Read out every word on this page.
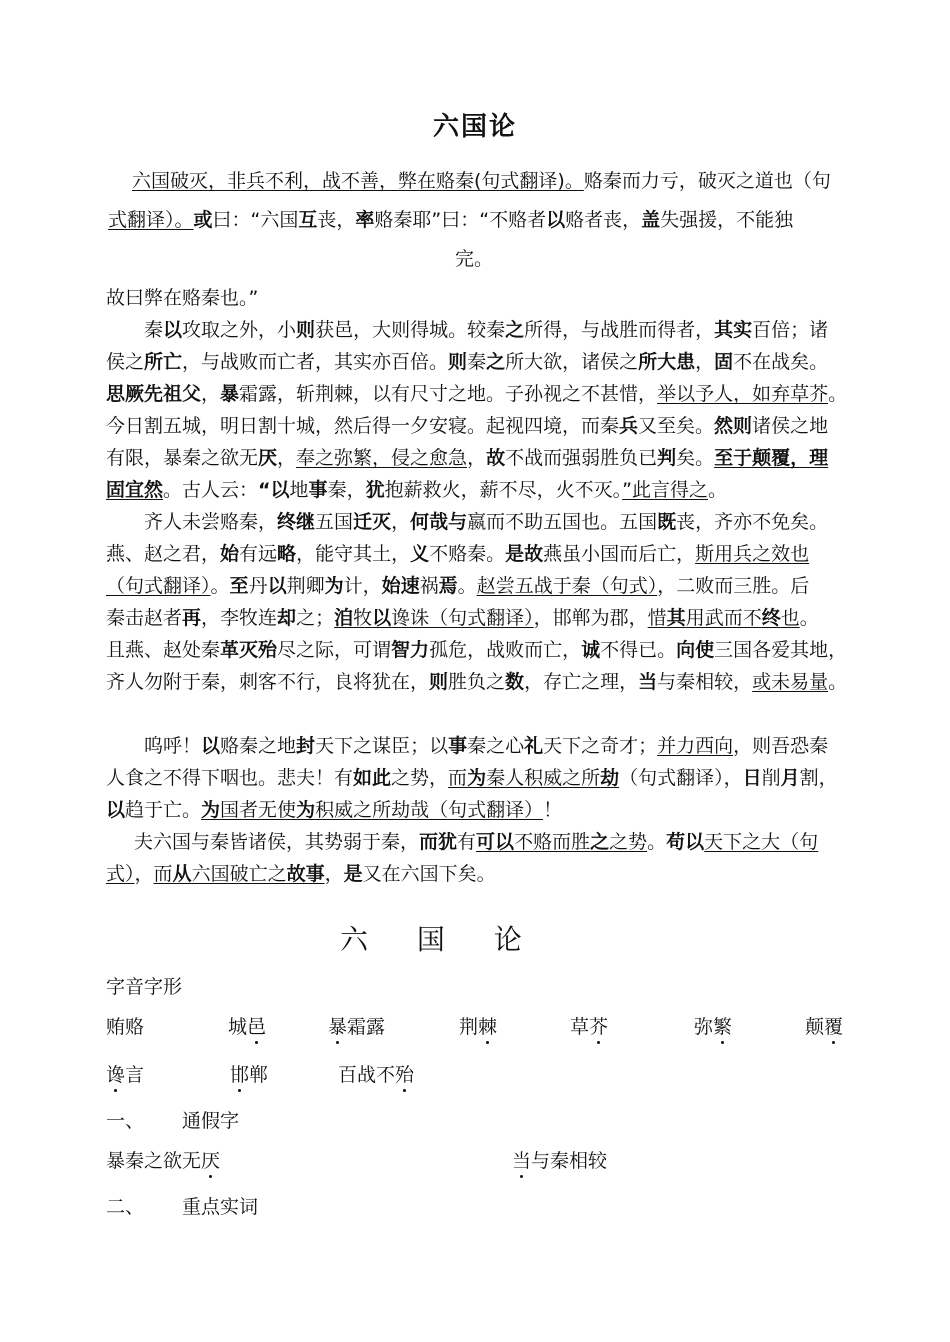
六国论
六国破灭，非兵不利，战不善，弊在赂秦(句式翻译)。赂秦而力亏，破灭之道也（句
式翻译）。或曰：“六国互丧，率赂秦耶”曰：“不赂者以赂者丧，盖失强援，不能独
完。
故曰弊在赂秦也。”
秦以攻取之外，小则获邑，大则得城。较秦之所得，与战胜而得者，其实百倍；诸
侯之所亡，与战败而亡者，其实亦百倍。则秦之所大欲，诸侯之所大患，固不在战矣。
思厥先祖父，暴霜露，斩荆棘，以有尺寸之地。子孙视之不甚惜，举以予人，如弃草芥。
今日割五城，明日割十城，然后得一夕安寝。起视四境，而秦兵又至矣。然则诸侯之地
有限，暴秦之欲无厌，奉之弥繁，侵之愈急，故不战而强弱胜负已判矣。至于颠覆，理
固宜然。古人云：“以地事秦，犹抱薪救火，薪不尽，火不灭。”此言得之。
齐人未尝赂秦，终继五国迁灭，何哉与嬴而不助五国也。五国既丧，齐亦不免矣。
燕、赵之君，始有远略，能守其土，义不赂秦。是故燕虽小国而后亡，斯用兵之效也
（句式翻译）。至丹以荆卿为计，始速祸焉。赵尝五战于秦（句式），二败而三胜。后
秦击赵者再，李牧连却之；洎牧以谗诛（句式翻译），邯郸为郡，惜其用武而不终也。
且燕、赵处秦革灭殆尽之际，可谓智力孤危，战败而亡，诚不得已。向使三国各爱其地，
齐人勿附于秦，刺客不行，良将犹在，则胜负之数，存亡之理，当与秦相较，或未易量。
呜呼！以赂秦之地封天下之谋臣；以事秦之心礼天下之奇才；并力西向，则吾恐秦
人食之不得下咽也。悲夫！有如此之势，而为秦人积威之所劫（句式翻译），日削月割，
以趋于亡。为国者无使为积威之所劫哉（句式翻译）！
夫六国与秦皆诸侯，其势弱于秦，而犹有可以不赂而胜之之势。苟以天下之大（句
式），而从六国破亡之故事，是又在六国下矣。
六 国 论
字音字形
贿赂	城邑	暴霜露	荆棘	草芥	弥繁	颠覆
谗言	邯郸	百战不殆
一、 通假字
暴秦之欲无厌	当与秦相较
二、 重点实词
